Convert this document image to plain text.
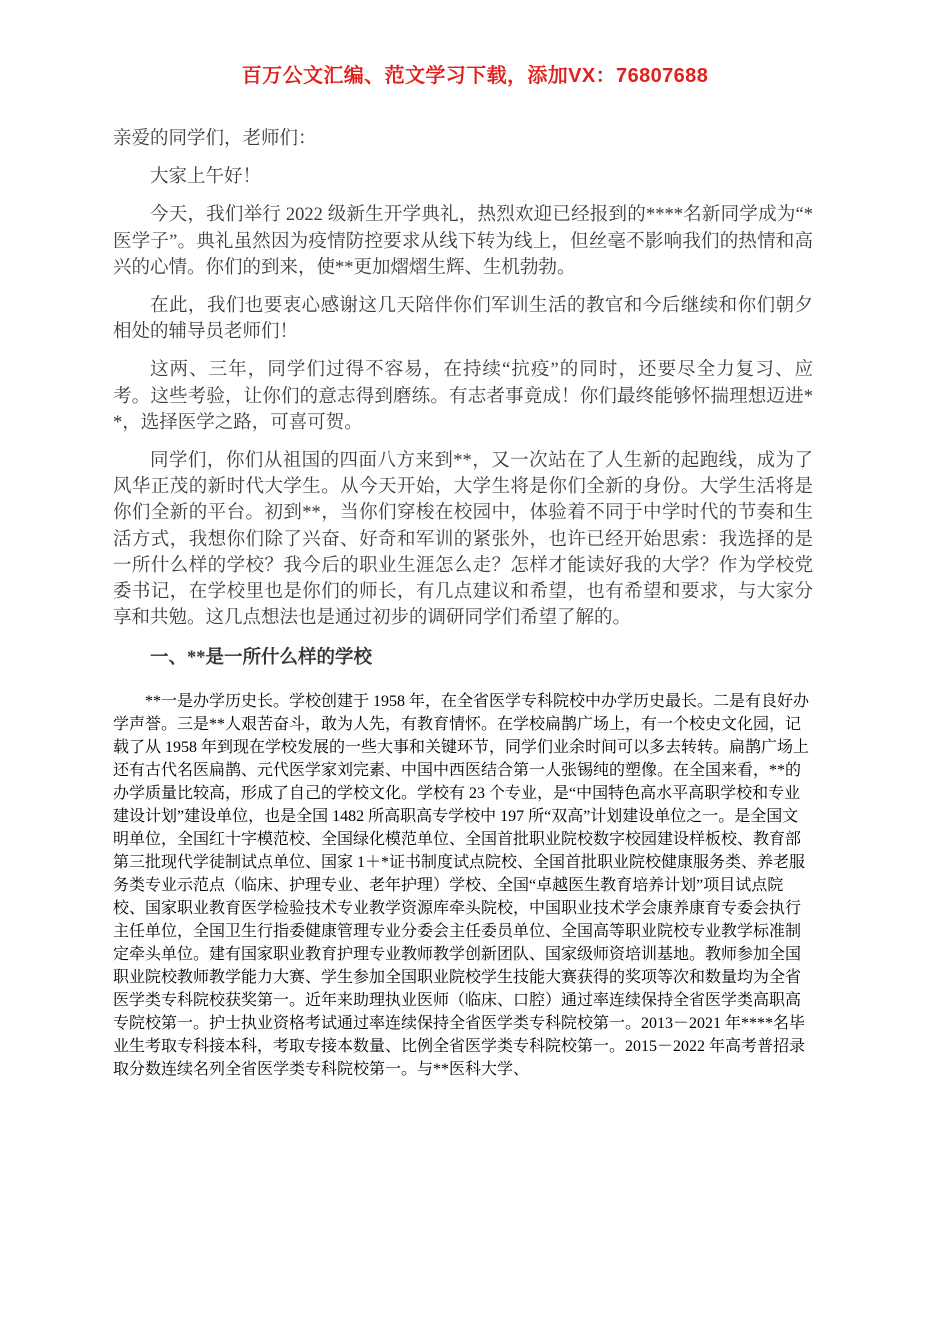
百万公文汇编、范文学习下载，添加VX：76807688

亲爱的同学们，老师们：

大家上午好！

今天，我们举行 2022 级新生开学典礼，热烈欢迎已经报到的****名新同学成为“*医学子”。典礼虽然因为疫情防控要求从线下转为线上，但丝毫不影响我们的热情和高兴的心情。你们的到来，使**更加熠熠生辉、生机勃勃。

在此，我们也要衷心感谢这几天陪伴你们军训生活的教官和今后继续和你们朝夕相处的辅导员老师们！

这两、三年，同学们过得不容易，在持续“抗疫”的同时，还要尽全力复习、应考。这些考验，让你们的意志得到磨练。有志者事竟成！你们最终能够怀揣理想迈进**，选择医学之路，可喜可贺。

同学们，你们从祖国的四面八方来到**，又一次站在了人生新的起跑线，成为了风华正茂的新时代大学生。从今天开始，大学生将是你们全新的身份。大学生活将是你们全新的平台。初到**，当你们穿梭在校园中，体验着不同于中学时代的节奏和生活方式，我想你们除了兴奋、好奇和军训的紧张外，也许已经开始思索：我选择的是一所什么样的学校？我今后的职业生涯怎么走？怎样才能读好我的大学？作为学校党委书记，在学校里也是你们的师长，有几点建议和希望，也有希望和要求，与大家分享和共勉。这几点想法也是通过初步的调研同学们希望了解的。

一、**是一所什么样的学校

**一是办学历史长。学校创建于 1958 年，在全省医学专科院校中办学历史最长。二是有良好办学声誉。三是**人艰苦奋斗，敢为人先，有教育情怀。在学校扁鹊广场上，有一个校史文化园，记载了从 1958 年到现在学校发展的一些大事和关键环节，同学们业余时间可以多去转转。扁鹊广场上还有古代名医扁鹊、元代医学家刘完素、中国中西医结合第一人张锡纯的塑像。在全国来看，**的办学质量比较高，形成了自己的学校文化。学校有 23 个专业，是“中国特色高水平高职学校和专业建设计划”建设单位，也是全国 1482 所高职高专学校中 197 所“双高”计划建设单位之一。是全国文明单位，全国红十字模范校、全国绿化模范单位、全国首批职业院校数字校园建设样板校、教育部第三批现代学徒制试点单位、国家 1＋*证书制度试点院校、全国首批职业院校健康服务类、养老服务类专业示范点（临床、护理专业、老年护理）学校、全国“卓越医生教育培养计划”项目试点院校、国家职业教育医学检验技术专业教学资源库牵头院校，中国职业技术学会康养康育专委会执行主任单位，全国卫生行指委健康管理专业分委会主任委员单位、全国高等职业院校专业教学标准制定牵头单位。建有国家职业教育护理专业教师教学创新团队、国家级师资培训基地。教师参加全国职业院校教师教学能力大赛、学生参加全国职业院校学生技能大赛获得的奖项等次和数量均为全省医学类专科院校获奖第一。近年来助理执业医师（临床、口腔）通过率连续保持全省医学类高职高专院校第一。护士执业资格考试通过率连续保持全省医学类专科院校第一。2013－2021 年****名毕业生考取专科接本科，考取专接本数量、比例全省医学类专科院校第一。2015－2022 年高考普招录取分数连续名列全省医学类专科院校第一。与**医科大学、
